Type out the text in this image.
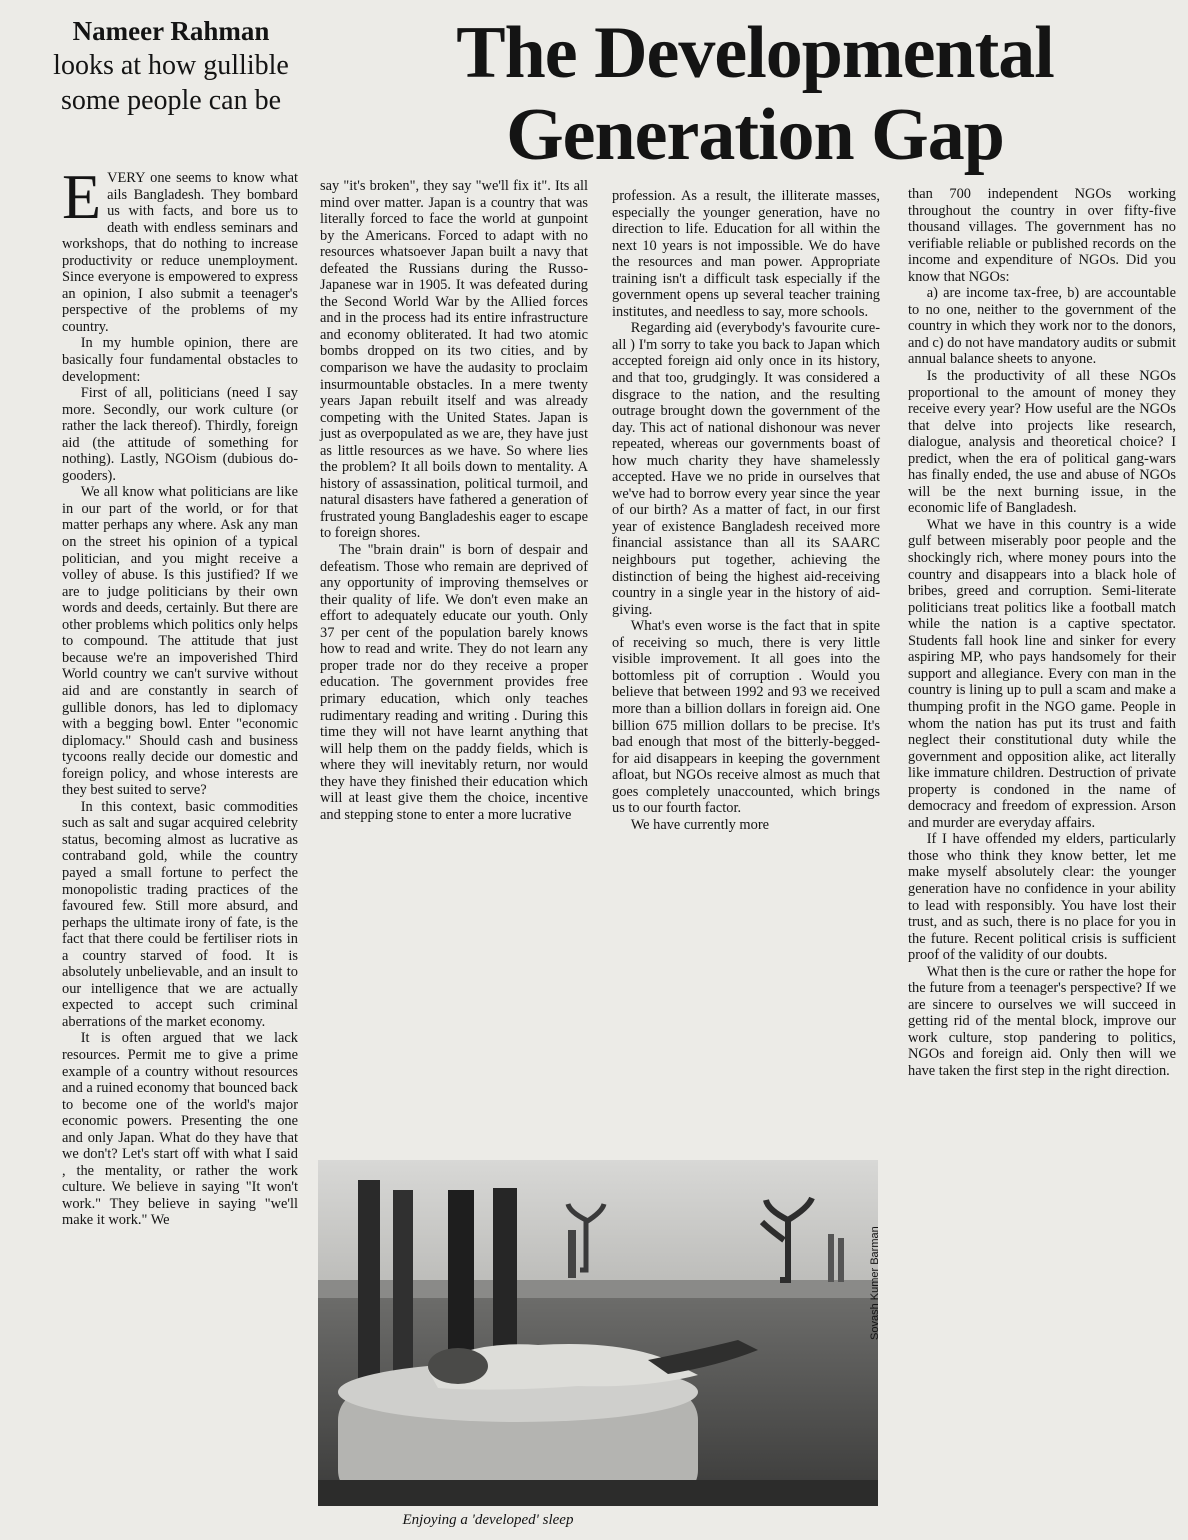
Nameer Rahman
looks at how gullible some people can be
The Developmental
Generation Gap

EVERY one seems to know what ails Bangladesh. They bombard us with facts, and bore us to death with endless seminars and workshops, that do nothing to increase productivity or reduce unemployment. Since everyone is empowered to express an opinion, I also submit a teenager's perspective of the problems of my country.

In my humble opinion, there are basically four fundamental obstacles to development:

First of all, politicians (need I say more. Secondly, our work culture (or rather the lack thereof). Thirdly, foreign aid (the attitude of something for nothing). Lastly, NGOism (dubious do-gooders).

We all know what politicians are like in our part of the world, or for that matter perhaps any where. Ask any man on the street his opinion of a typical politician, and you might receive a volley of abuse. Is this justified? If we are to judge politicians by their own words and deeds, certainly. But there are other problems which politics only helps to compound. The attitude that just because we're an impoverished Third World country we can't survive without aid and are constantly in search of gullible donors, has led to diplomacy with a begging bowl. Enter "economic diplomacy." Should cash and business tycoons really decide our domestic and foreign policy, and whose interests are they best suited to serve?

In this context, basic commodities such as salt and sugar acquired celebrity status, becoming almost as lucrative as contraband gold, while the country payed a small fortune to perfect the monopolistic trading practices of the favoured few. Still more absurd, and perhaps the ultimate irony of fate, is the fact that there could be fertiliser riots in a country starved of food. It is absolutely unbelievable, and an insult to our intelligence that we are actually expected to accept such criminal aberrations of the market economy.

It is often argued that we lack resources. Permit me to give a prime example of a country without resources and a ruined economy that bounced back to become one of the world's major economic powers. Presenting the one and only Japan. What do they have that we don't? Let's start off with what I said , the mentality, or rather the work culture. We believe in saying "It won't work." They believe in saying "we'll make it work." We

say "it's broken", they say "we'll fix it". Its all mind over matter. Japan is a country that was literally forced to face the world at gunpoint by the Americans. Forced to adapt with no resources whatsoever Japan built a navy that defeated the Russians during the Russo-Japanese war in 1905. It was defeated during the Second World War by the Allied forces and in the process had its entire infrastructure and economy obliterated. It had two atomic bombs dropped on its two cities, and by comparison we have the audasity to proclaim insurmountable obstacles. In a mere twenty years Japan rebuilt itself and was already competing with the United States. Japan is just as overpopulated as we are, they have just as little resources as we have. So where lies the problem? It all boils down to mentality. A history of assassination, political turmoil, and natural disasters have fathered a generation of frustrated young Bangladeshis eager to escape to foreign shores.

The "brain drain" is born of despair and defeatism. Those who remain are deprived of any opportunity of improving themselves or their quality of life. We don't even make an effort to adequately educate our youth. Only 37 per cent of the population barely knows how to read and write. They do not learn any proper trade nor do they receive a proper education. The government provides free primary education, which only teaches rudimentary reading and writing . During this time they will not have learnt anything that will help them on the paddy fields, which is where they will inevitably return, nor would they have they finished their education which will at least give them the choice, incentive and stepping stone to enter a more lucrative

profession. As a result, the illiterate masses, especially the younger generation, have no direction to life. Education for all within the next 10 years is not impossible. We do have the resources and man power. Appropriate training isn't a difficult task especially if the government opens up several teacher training institutes, and needless to say, more schools.

Regarding aid (everybody's favourite cure-all ) I'm sorry to take you back to Japan which accepted foreign aid only once in its history, and that too, grudgingly. It was considered a disgrace to the nation, and the resulting outrage brought down the government of the day. This act of national dishonour was never repeated, whereas our governments boast of how much charity they have shamelessly accepted. Have we no pride in ourselves that we've had to borrow every year since the year of our birth? As a matter of fact, in our first year of existence Bangladesh received more financial assistance than all its SAARC neighbours put together, achieving the distinction of being the highest aid-receiving country in a single year in the history of aid-giving.

What's even worse is the fact that in spite of receiving so much, there is very little visible improvement. It all goes into the bottomless pit of corruption . Would you believe that between 1992 and 93 we received more than a billion dollars in foreign aid. One billion 675 million dollars to be precise. It's bad enough that most of the bitterly-begged-for aid disappears in keeping the government afloat, but NGOs receive almost as much that goes completely unaccounted, which brings us to our fourth factor.

We have currently more

than 700 independent NGOs working throughout the country in over fifty-five thousand villages. The government has no verifiable reliable or published records on the income and expenditure of NGOs. Did you know that NGOs:

a) are income tax-free, b) are accountable to no one, neither to the government of the country in which they work nor to the donors, and c) do not have mandatory audits or submit annual balance sheets to anyone.

Is the productivity of all these NGOs proportional to the amount of money they receive every year? How useful are the NGOs that delve into projects like research, dialogue, analysis and theoretical choice? I predict, when the era of political gang-wars has finally ended, the use and abuse of NGOs will be the next burning issue, in the economic life of Bangladesh.

What we have in this country is a wide gulf between miserably poor people and the shockingly rich, where money pours into the country and disappears into a black hole of bribes, greed and corruption. Semi-literate politicians treat politics like a football match while the nation is a captive spectator. Students fall hook line and sinker for every aspiring MP, who pays handsomely for their support and allegiance. Every con man in the country is lining up to pull a scam and make a thumping profit in the NGO game. People in whom the nation has put its trust and faith neglect their constitutional duty while the government and opposition alike, act literally like immature children. Destruction of private property is condoned in the name of democracy and freedom of expression. Arson and murder are everyday affairs.

If I have offended my elders, particularly those who think they know better, let me make myself absolutely clear: the younger generation have no confidence in your ability to lead with responsibly. You have lost their trust, and as such, there is no place for you in the future. Recent political crisis is sufficient proof of the validity of our doubts.

What then is the cure or rather the hope for the future from a teenager's perspective? If we are sincere to ourselves we will succeed in getting rid of the mental block, improve our work culture, stop pandering to politics, NGOs and foreign aid. Only then will we have taken the first step in the right direction.

Sovash Kumer Barman
Enjoying a 'developed' sleep
